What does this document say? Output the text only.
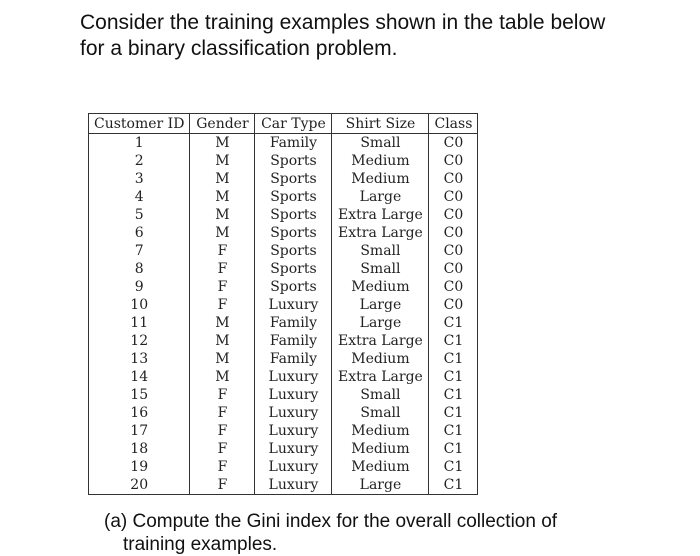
Consider the training examples shown in the table below
for a binary classification problem.

Customer ID	Gender	Car Type	Shirt Size	Class
1	M	Family	Small	C0
2	M	Sports	Medium	C0
3	M	Sports	Medium	C0
4	M	Sports	Large	C0
5	M	Sports	Extra Large	C0
6	M	Sports	Extra Large	C0
7	F	Sports	Small	C0
8	F	Sports	Small	C0
9	F	Sports	Medium	C0
10	F	Luxury	Large	C0
11	M	Family	Large	C1
12	M	Family	Extra Large	C1
13	M	Family	Medium	C1
14	M	Luxury	Extra Large	C1
15	F	Luxury	Small	C1
16	F	Luxury	Small	C1
17	F	Luxury	Medium	C1
18	F	Luxury	Medium	C1
19	F	Luxury	Medium	C1
20	F	Luxury	Large	C1

(a) Compute the Gini index for the overall collection of
training examples.
